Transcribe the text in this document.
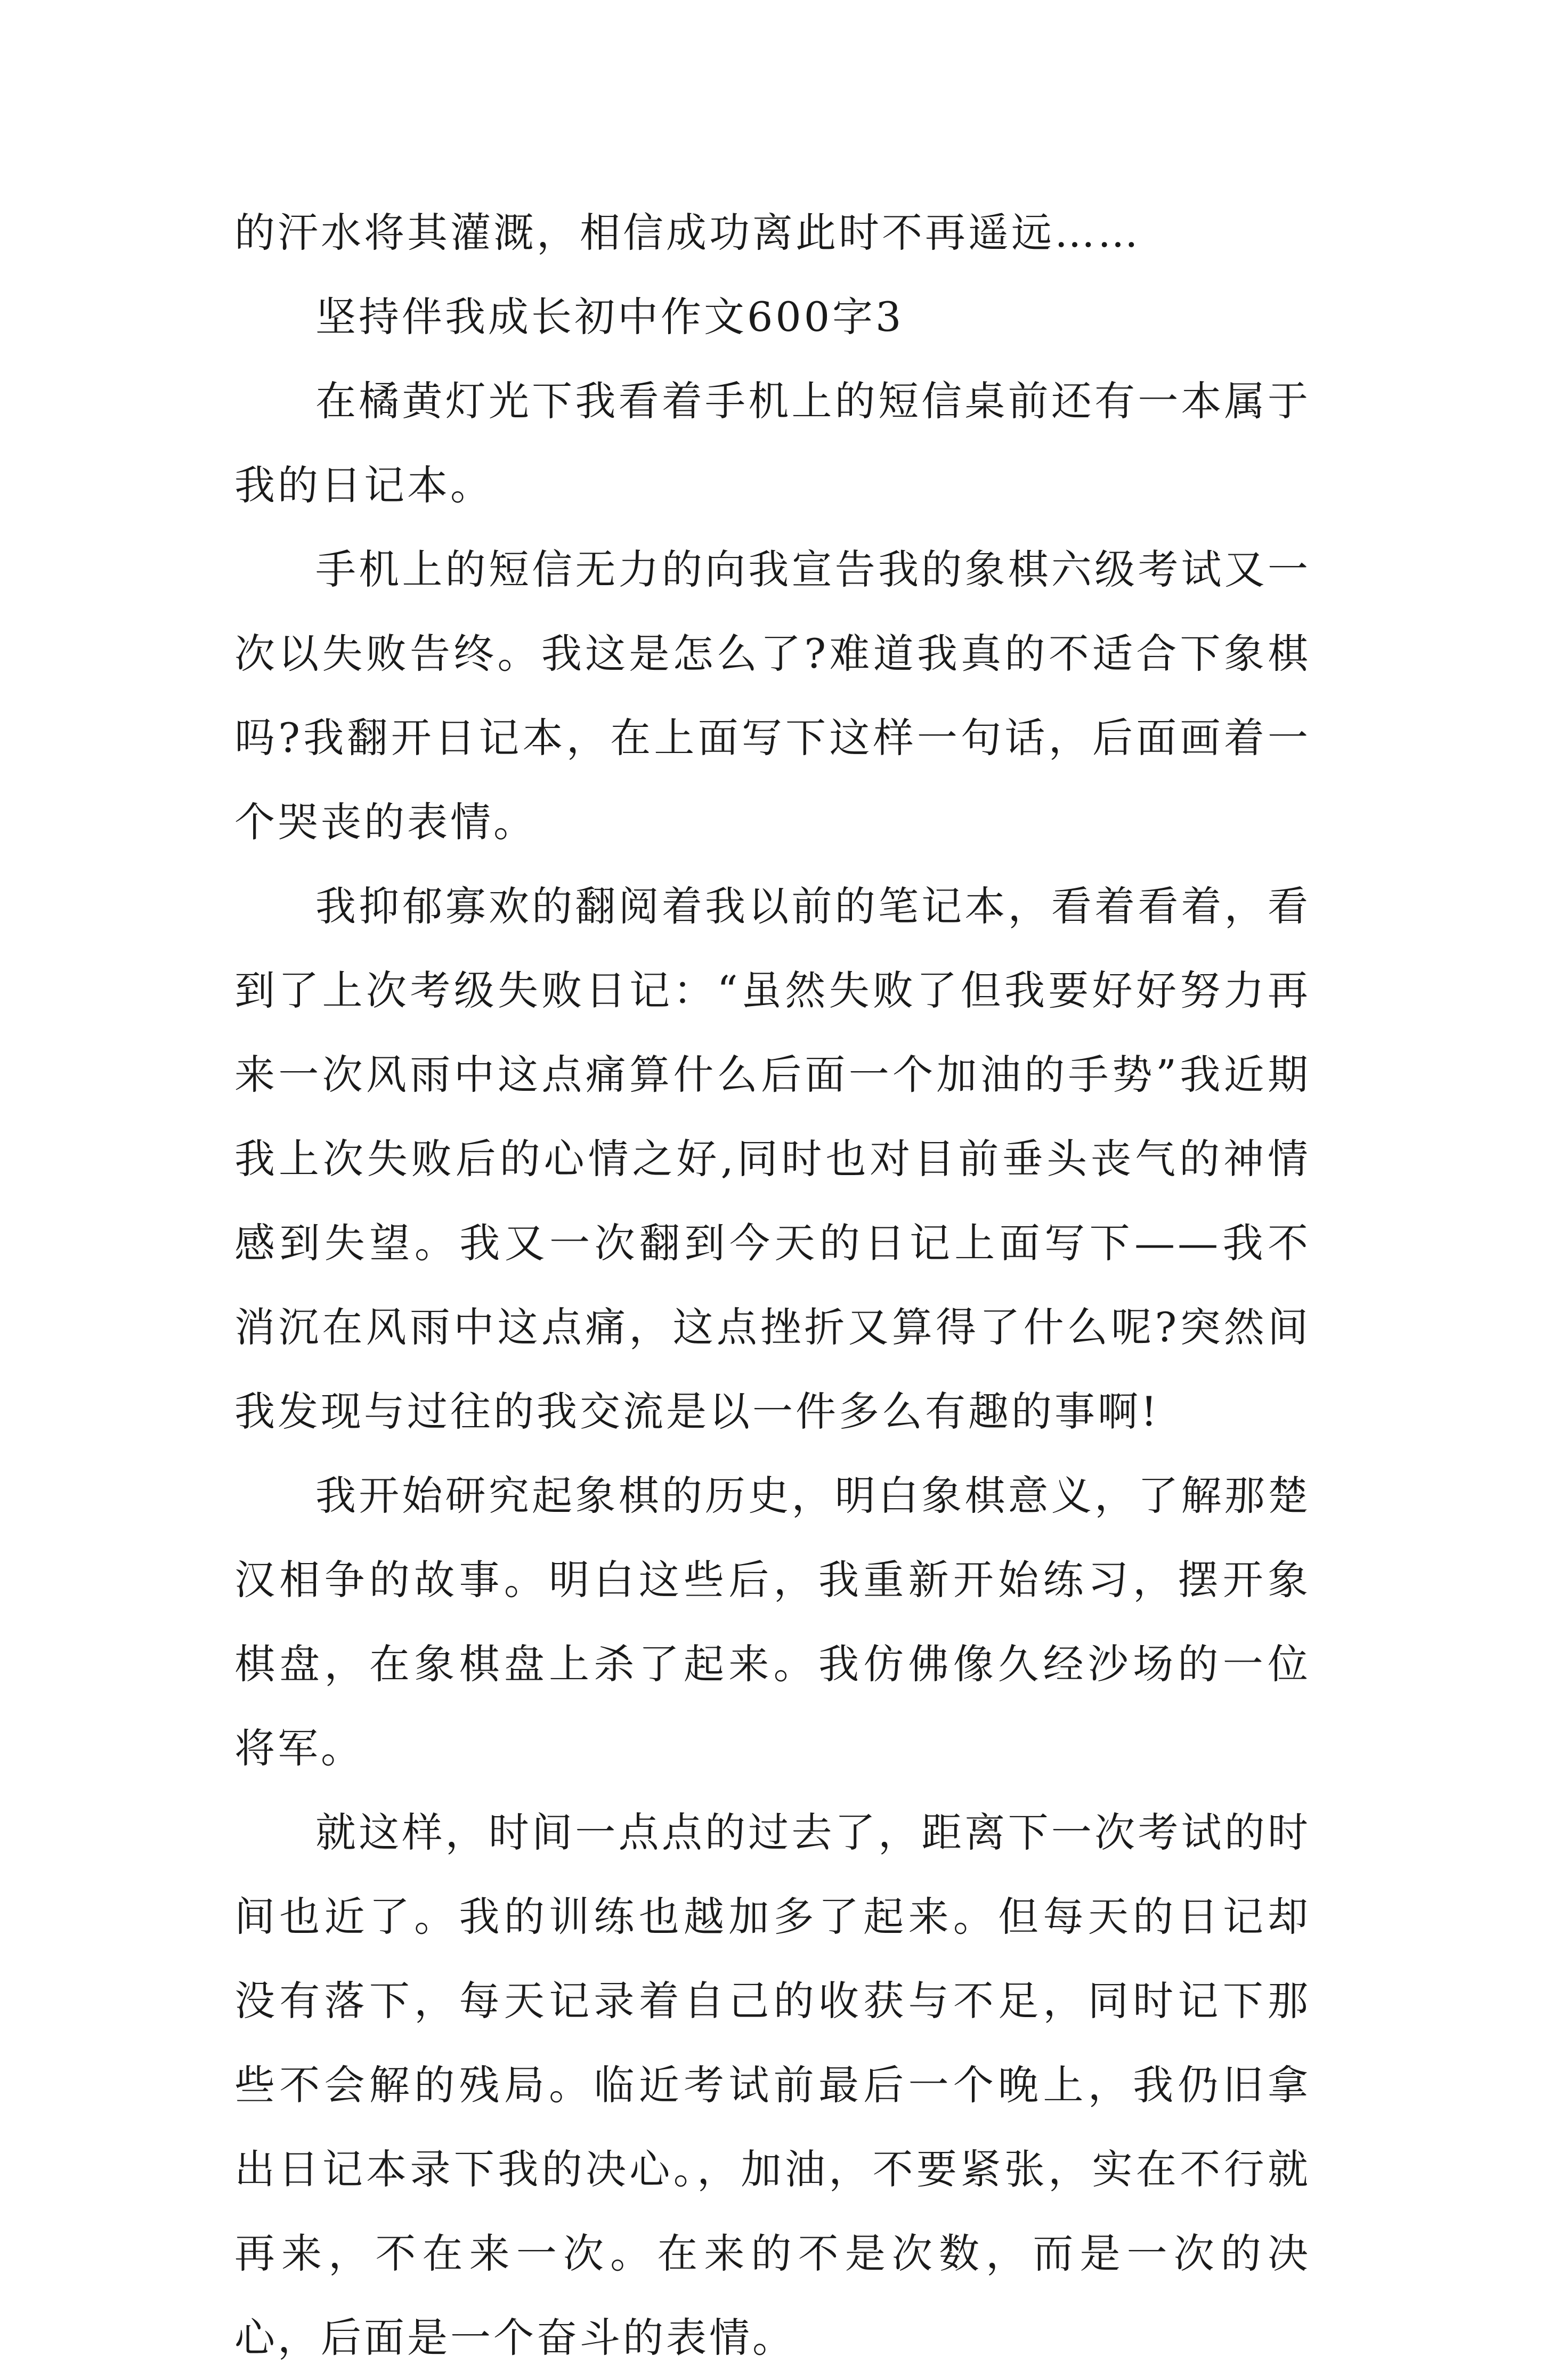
的汗水将其灌溉，相信成功离此时不再遥远……

坚持伴我成长初中作文600字3

在橘黄灯光下我看着手机上的短信桌前还有一本属于我的日记本。

手机上的短信无力的向我宣告我的象棋六级考试又一次以失败告终。我这是怎么了?难道我真的不适合下象棋吗?我翻开日记本，在上面写下这样一句话，后面画着一个哭丧的表情。

我抑郁寡欢的翻阅着我以前的笔记本，看着看着，看到了上次考级失败日记：“虽然失败了但我要好好努力再来一次风雨中这点痛算什么后面一个加油的手势”我近期我上次失败后的心情之好,同时也对目前垂头丧气的神情感到失望。我又一次翻到今天的日记上面写下——我不消沉在风雨中这点痛，这点挫折又算得了什么呢?突然间我发现与过往的我交流是以一件多么有趣的事啊!

我开始研究起象棋的历史，明白象棋意义，了解那楚汉相争的故事。明白这些后，我重新开始练习，摆开象棋盘，在象棋盘上杀了起来。我仿佛像久经沙场的一位将军。

就这样，时间一点点的过去了，距离下一次考试的时间也近了。我的训练也越加多了起来。但每天的日记却没有落下，每天记录着自己的收获与不足，同时记下那些不会解的残局。临近考试前最后一个晚上，我仍旧拿出日记本录下我的决心。，加油，不要紧张，实在不行就再来，不在来一次。在来的不是次数，而是一次的决心，后面是一个奋斗的表情。
